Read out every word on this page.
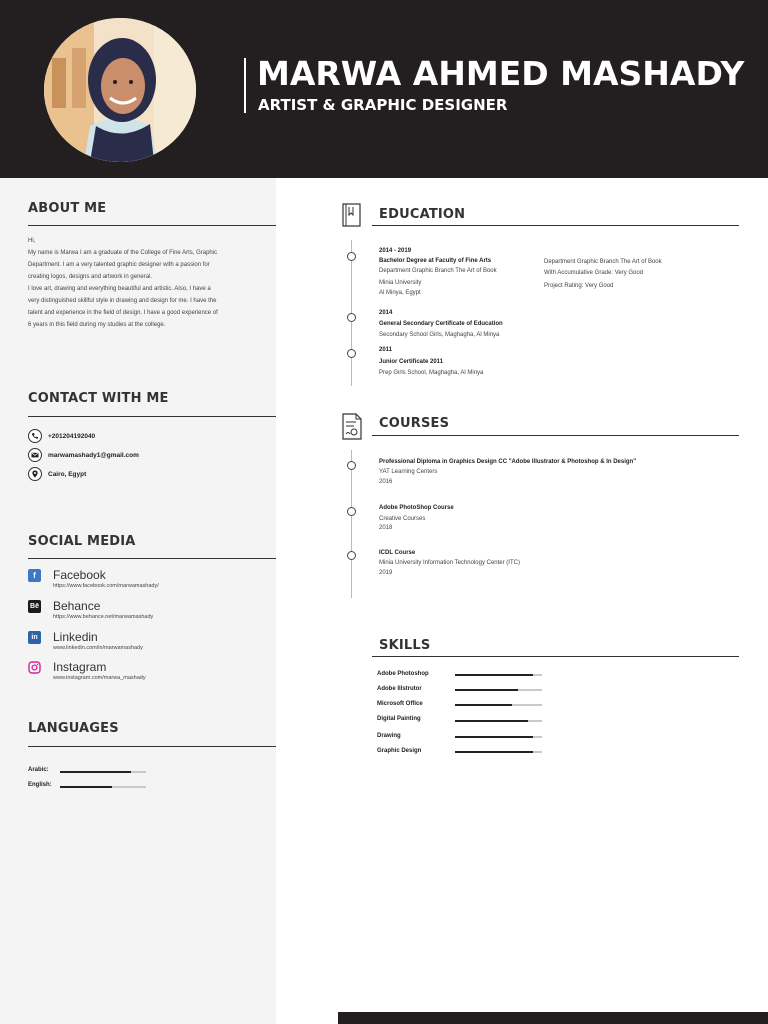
MARWA AHMED MASHADY
ARTIST & GRAPHIC DESIGNER
ABOUT ME

Hi,

My name is Marwa I am a graduate of the College of Fine Arts, Graphic

Department. I am a very talented graphic designer with a passion for

creating logos, designs and artwork in general.

I love art, drawing and everything beautiful and artistic. Also, I have a

very distinguished skillful style in drawing and design for me. I have the

talent and experience in the field of design. I have a good experience of

6 years in this field during my studies at the college.

CONTACT WITH ME
+201204192040
marwamashady1@gmail.com
Cairo, Egypt
SOCIAL MEDIA
f	Facebook
https://www.facebook.com/marwamashady/
Bē Behance
https://www.behance.net/marwamashady
in Linkedin
www.linkedin.com/in/marwamashady
Instagram
www.instagram.com/marwa_mashady
LANGUAGES
Arabic:
English:
EDUCATION
2014 - 2019
Bachelor Degree at Faculty of Fine Arts
Department Graphic Branch The Art of Book
Minia University
Al Minya, Egypt
Department Graphic Branch The Art of Book
With Accumulative Grade: Very Good
Project Rating: Very Good
2014
General Secondary Certificate of Education
Secondary School Girls, Maghagha, Al Minya
2011
Junior Certificate 2011
Prep Girls School, Maghagha, Al Minya
COURSES
Professional Diploma in Graphics Design CC "Adobe Illustrator & Photoshop & In Design"
YAT Learning Centers
2016
Adobe PhotoShop Course
Creative Courses
2018
ICDL Course
Minia University Information Technology Center (ITC)
2019
SKILLS
Adobe Photoshop
Adobe Illstrutor
Microsoft Office
Digital Painting
Drawing
Graphic Design
